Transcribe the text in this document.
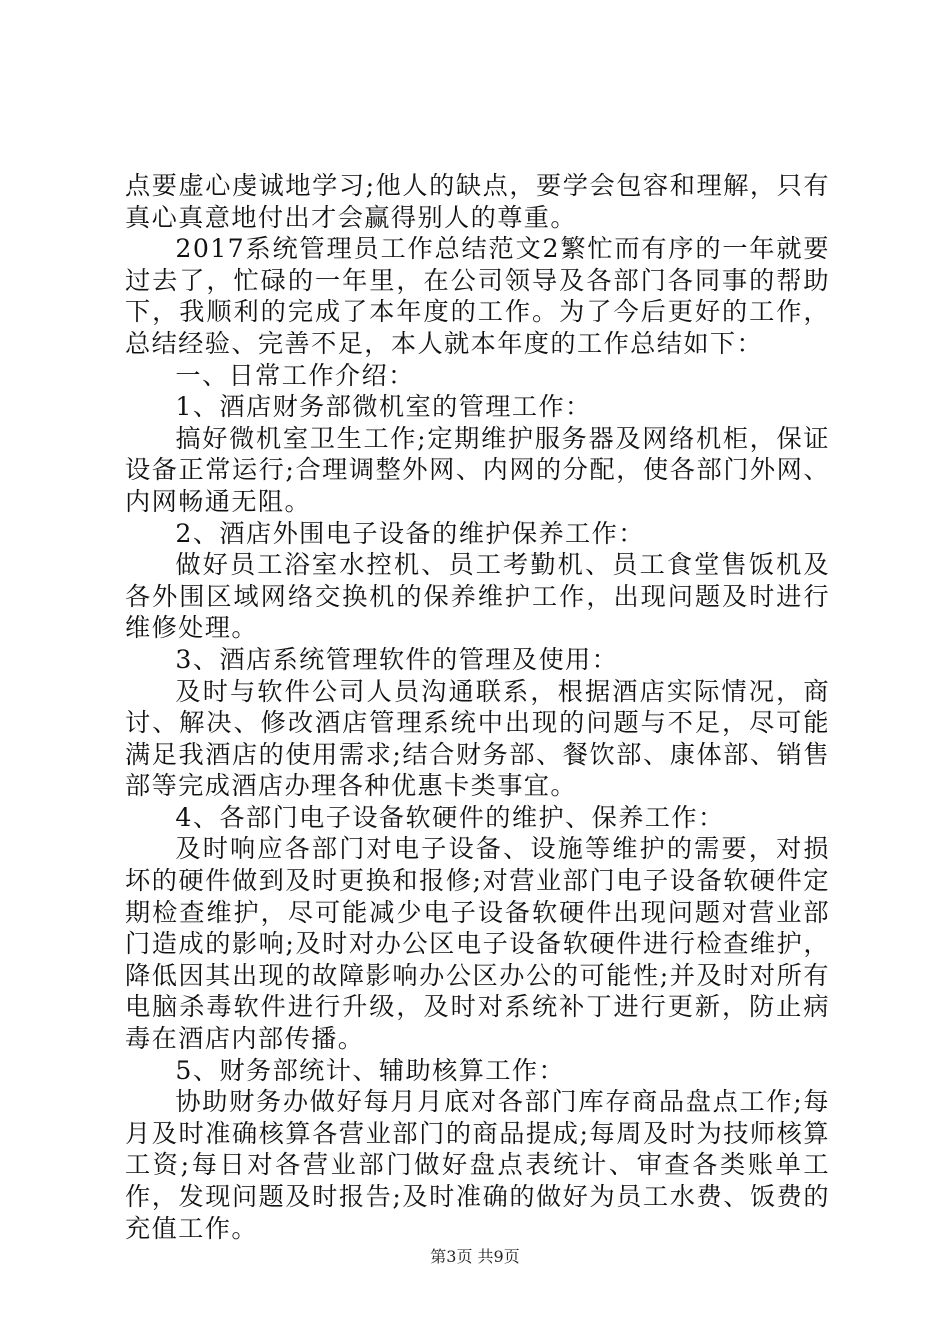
点要虚心虔诚地学习;他人的缺点，要学会包容和理解，只有真心真意地付出才会赢得别人的尊重。

2017系统管理员工作总结范文2繁忙而有序的一年就要过去了，忙碌的一年里，在公司领导及各部门各同事的帮助下，我顺利的完成了本年度的工作。为了今后更好的工作，总结经验、完善不足，本人就本年度的工作总结如下：

一、日常工作介绍：

1、酒店财务部微机室的管理工作：

搞好微机室卫生工作;定期维护服务器及网络机柜，保证设备正常运行;合理调整外网、内网的分配，使各部门外网、内网畅通无阻。

2、酒店外围电子设备的维护保养工作：

做好员工浴室水控机、员工考勤机、员工食堂售饭机及各外围区域网络交换机的保养维护工作，出现问题及时进行维修处理。

3、酒店系统管理软件的管理及使用：

及时与软件公司人员沟通联系，根据酒店实际情况，商讨、解决、修改酒店管理系统中出现的问题与不足，尽可能满足我酒店的使用需求;结合财务部、餐饮部、康体部、销售部等完成酒店办理各种优惠卡类事宜。

4、各部门电子设备软硬件的维护、保养工作：

及时响应各部门对电子设备、设施等维护的需要，对损坏的硬件做到及时更换和报修;对营业部门电子设备软硬件定期检查维护，尽可能减少电子设备软硬件出现问题对营业部门造成的影响;及时对办公区电子设备软硬件进行检查维护，降低因其出现的故障影响办公区办公的可能性;并及时对所有电脑杀毒软件进行升级，及时对系统补丁进行更新，防止病毒在酒店内部传播。

5、财务部统计、辅助核算工作：

协助财务办做好每月月底对各部门库存商品盘点工作;每月及时准确核算各营业部门的商品提成;每周及时为技师核算工资;每日对各营业部门做好盘点表统计、审查各类账单工作，发现问题及时报告;及时准确的做好为员工水费、饭费的充值工作。

第3页 共9页
